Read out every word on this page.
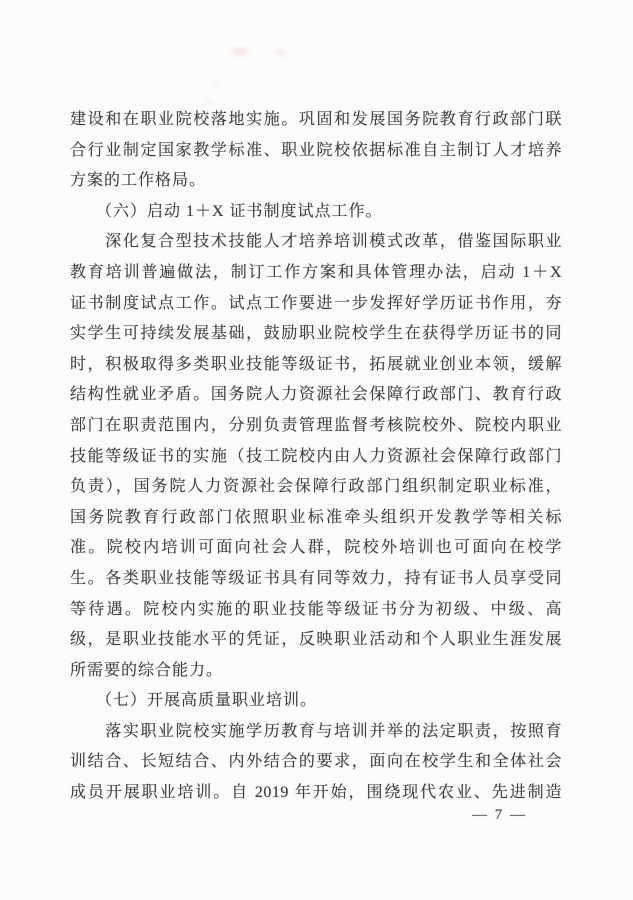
建设和在职业院校落地实施。巩固和发展国务院教育行政部门联
合行业制定国家教学标准、职业院校依据标准自主制订人才培养
方案的工作格局。
　　（六）启动 1＋X 证书制度试点工作。
　　深化复合型技术技能人才培养培训模式改革，借鉴国际职业
教育培训普遍做法，制订工作方案和具体管理办法，启动 1＋X
证书制度试点工作。试点工作要进一步发挥好学历证书作用，夯
实学生可持续发展基础，鼓励职业院校学生在获得学历证书的同
时，积极取得多类职业技能等级证书，拓展就业创业本领，缓解
结构性就业矛盾。国务院人力资源社会保障行政部门、教育行政
部门在职责范围内，分别负责管理监督考核院校外、院校内职业
技能等级证书的实施（技工院校内由人力资源社会保障行政部门
负责），国务院人力资源社会保障行政部门组织制定职业标准，
国务院教育行政部门依照职业标准牵头组织开发教学等相关标
准。院校内培训可面向社会人群，院校外培训也可面向在校学
生。各类职业技能等级证书具有同等效力，持有证书人员享受同
等待遇。院校内实施的职业技能等级证书分为初级、中级、高
级，是职业技能水平的凭证，反映职业活动和个人职业生涯发展
所需要的综合能力。
　　（七）开展高质量职业培训。
　　落实职业院校实施学历教育与培训并举的法定职责，按照育
训结合、长短结合、内外结合的要求，面向在校学生和全体社会
成员开展职业培训。自 2019 年开始，围绕现代农业、先进制造
— 7 —
